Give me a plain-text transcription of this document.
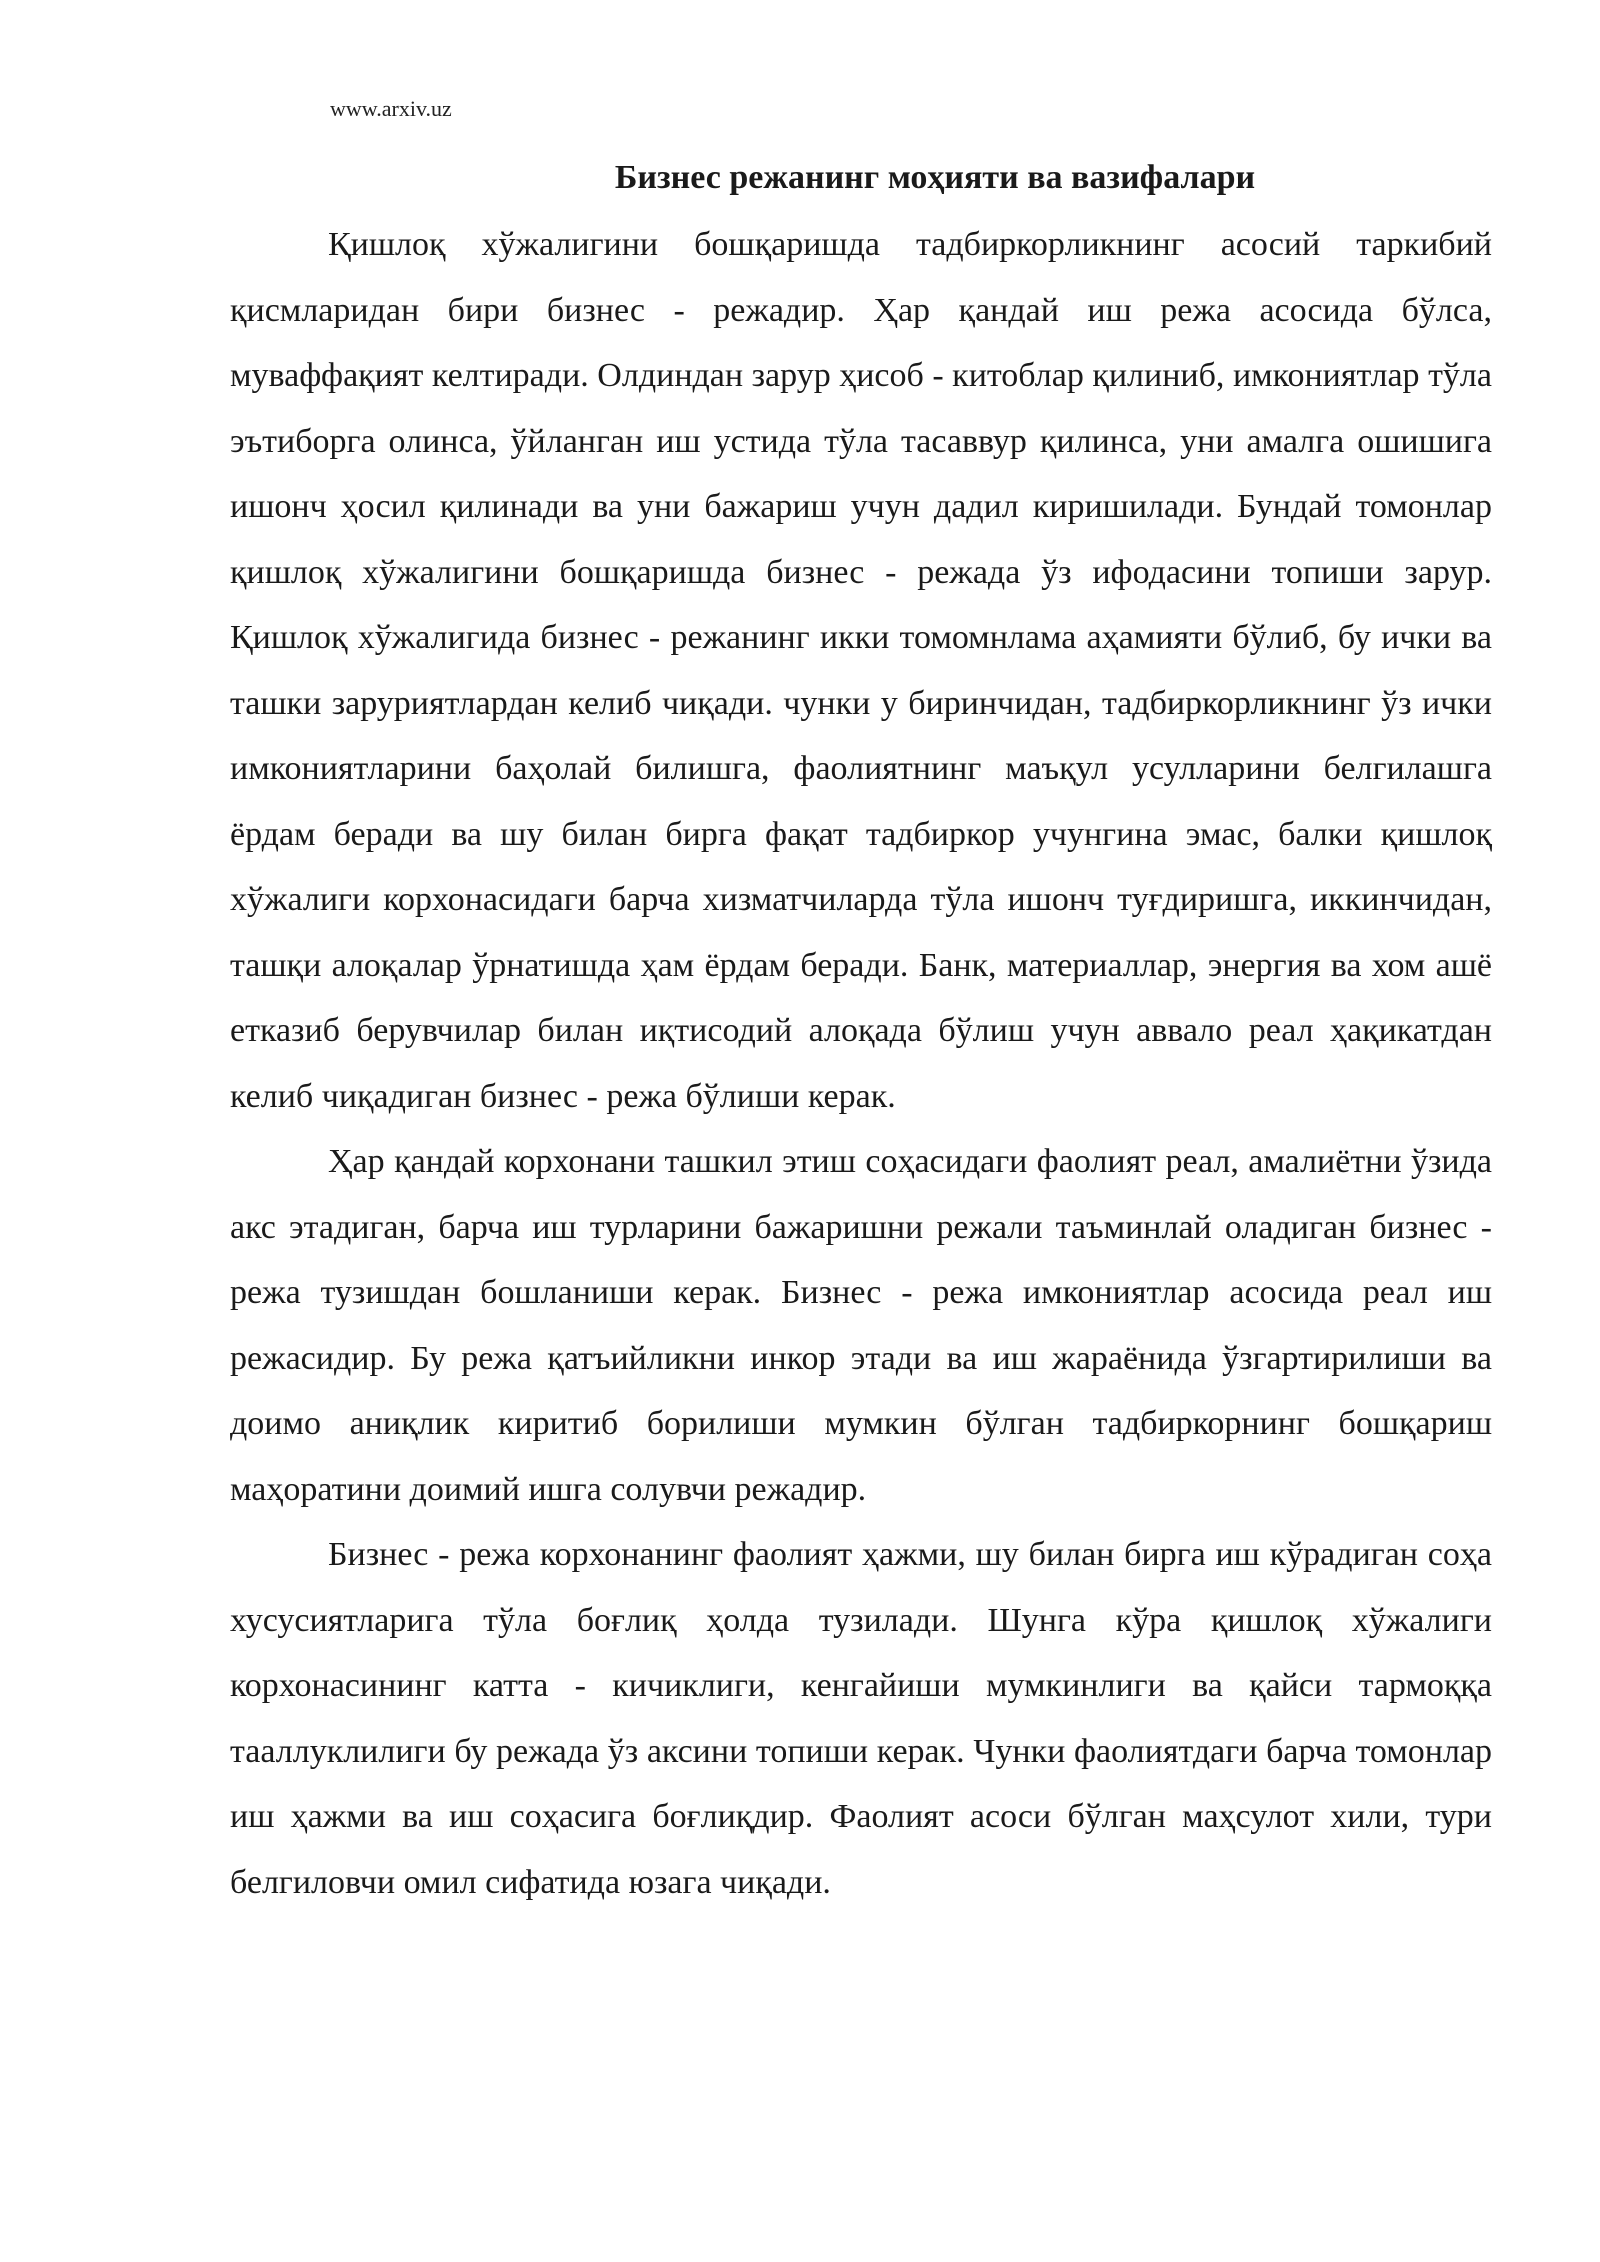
www.arxiv.uz
Бизнес режанинг моҳияти ва вазифалари

Қишлоқ хўжалигини бошқаришда тадбиркорликнинг асосий таркибий қисмларидан бири бизнес - режадир. Ҳар қандай иш режа асосида бўлса, муваффақият келтиради. Олдиндан зарур ҳисоб - китоблар қилиниб, имкониятлар тўла эътиборга олинса, ўйланган иш устида тўла тасаввур қилинса, уни амалга ошишига ишонч ҳосил қилинади ва уни бажариш учун дадил киришилади. Бундай томонлар қишлоқ хўжалигини бошқаришда бизнес - режада ўз ифодасини топиши зарур. Қишлоқ хўжалигида бизнес - режанинг икки томомнлама аҳамияти бўлиб, бу ички ва ташки заруриятлардан келиб чиқади. чунки у биринчидан, тадбиркорликнинг ўз ички имкониятларини баҳолай билишга, фаолиятнинг маъқул усулларини белгилашга ёрдам беради ва шу билан бирга фақат тадбиркор учунгина эмас, балки қишлоқ хўжалиги корхонасидаги барча хизматчиларда тўла ишонч туғдиришга, иккинчидан, ташқи алоқалар ўрнатишда ҳам ёрдам беради. Банк, материаллар, энергия ва хом ашё етказиб берувчилар билан иқтисодий алоқада бўлиш учун аввало реал ҳақикатдан келиб чиқадиган бизнес - режа бўлиши керак.

Ҳар қандай корхонани ташкил этиш соҳасидаги фаолият реал, амалиётни ўзида акс этадиган, барча иш турларини бажаришни режали таъминлай оладиган бизнес - режа тузишдан бошланиши керак. Бизнес - режа имкониятлар асосида реал иш режасидир. Бу режа қатъийликни инкор этади ва иш жараёнида ўзгартирилиши ва доимо аниқлик киритиб борилиши мумкин бўлган тадбиркорнинг бошқариш маҳоратини доимий ишга солувчи режадир.

Бизнес - режа корхонанинг фаолият ҳажми, шу билан бирга иш кўрадиган соҳа хусусиятларига тўла боғлиқ ҳолда тузилади. Шунга кўра қишлоқ хўжалиги корхонасининг катта - кичиклиги, кенгайиши мумкинлиги ва қайси тармоққа тааллуклилиги бу режада ўз аксини топиши керак. Чунки фаолиятдаги барча томонлар иш ҳажми ва иш соҳасига боғлиқдир. Фаолият асоси бўлган маҳсулот хили, тури белгиловчи омил сифатида юзага чиқади.
